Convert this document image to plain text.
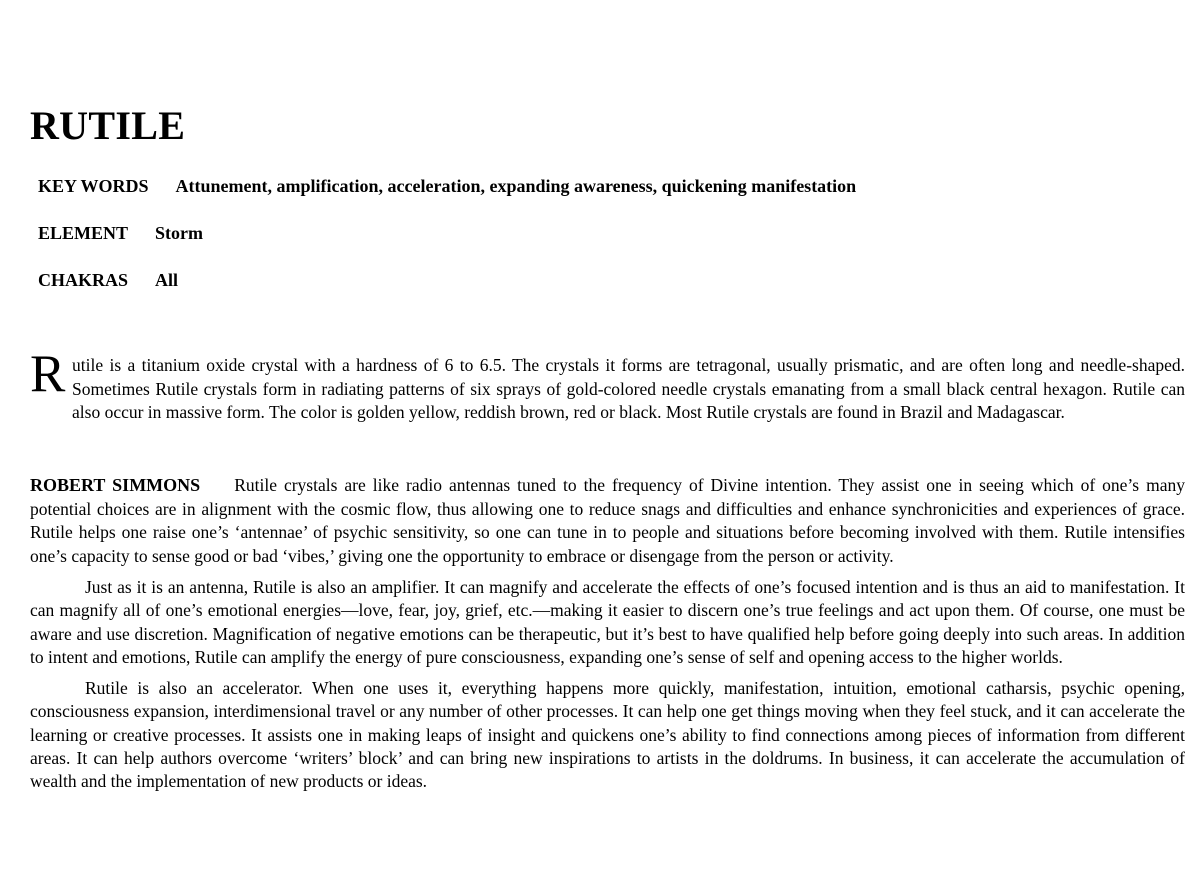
RUTILE
KEY WORDS Attunement, amplification, acceleration, expanding awareness, quickening manifestation
ELEMENT Storm
CHAKRAS All

Rutile is a titanium oxide crystal with a hardness of 6 to 6.5. The crystals it forms are tetragonal, usually prismatic, and are often long and needle-shaped. Sometimes Rutile crystals form in radiating patterns of six sprays of gold-colored needle crystals emanating from a small black central hexagon. Rutile can also occur in massive form. The color is golden yellow, reddish brown, red or black. Most Rutile crystals are found in Brazil and Madagascar.

ROBERT SIMMONS Rutile crystals are like radio antennas tuned to the frequency of Divine intention. They assist one in seeing which of one’s many potential choices are in alignment with the cosmic flow, thus allowing one to reduce snags and difficulties and enhance synchronicities and experiences of grace. Rutile helps one raise one’s ‘antennae’ of psychic sensitivity, so one can tune in to people and situations before becoming involved with them. Rutile intensifies one’s capacity to sense good or bad ‘vibes,’ giving one the opportunity to embrace or disengage from the person or activity.

Just as it is an antenna, Rutile is also an amplifier. It can magnify and accelerate the effects of one’s focused intention and is thus an aid to manifestation. It can magnify all of one’s emotional energies—love, fear, joy, grief, etc.—making it easier to discern one’s true feelings and act upon them. Of course, one must be aware and use discretion. Magnification of negative emotions can be therapeutic, but it’s best to have qualified help before going deeply into such areas. In addition to intent and emotions, Rutile can amplify the energy of pure consciousness, expanding one’s sense of self and opening access to the higher worlds.

Rutile is also an accelerator. When one uses it, everything happens more quickly, manifestation, intuition, emotional catharsis, psychic opening, consciousness expansion, interdimensional travel or any number of other processes. It can help one get things moving when they feel stuck, and it can accelerate the learning or creative processes. It assists one in making leaps of insight and quickens one’s ability to find connections among pieces of information from different areas. It can help authors overcome ‘writers’ block’ and can bring new inspirations to artists in the doldrums. In business, it can accelerate the accumulation of wealth and the implementation of new products or ideas.
